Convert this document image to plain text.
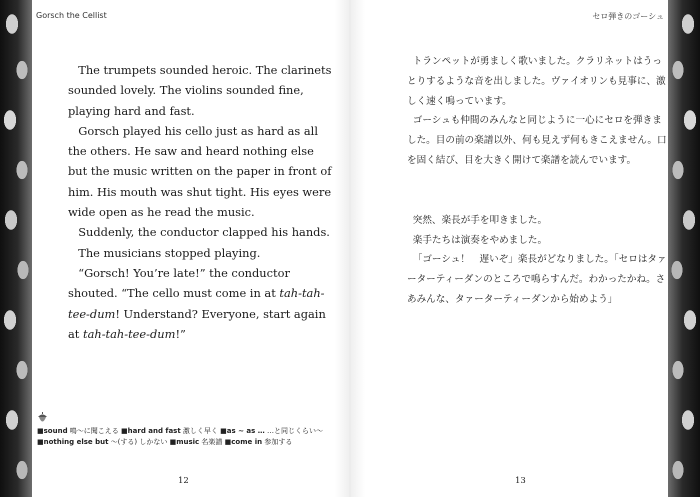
Gorsch the Cellist

The trumpets sounded heroic. The clarinets sounded lovely. The violins sounded fine, playing hard and fast.

Gorsch played his cello just as hard as all the others. He saw and heard nothing else but the music written on the paper in front of him. His mouth was shut tight. His eyes were wide open as he read the music.

Suddenly, the conductor clapped his hands.

The musicians stopped playing.

“Gorsch! You’re late!” the conductor shouted. “The cello must come in at tah-tah-tee-dum! Understand? Everyone, start again at tah-tah-tee-dum!”

■sound 鳴～に聞こえる ■hard and fast 激しく早く ■as ~ as … …と同じくらい～ ■nothing else but ～(する) しかない ■music 名楽譜 ■come in 参加する
12
セロ弾きのゴーシュ

トランペットが勇ましく歌いました。クラリネットはうっとりするような音を出しました。ヴァイオリンも見事に、激しく速く鳴っています。

ゴーシュも仲間のみんなと同じように一心にセロを弾きました。目の前の楽譜以外、何も見えず何もきこえません。口を固く結び、目を大きく開けて楽譜を読んでいます。

突然、楽長が手を叩きました。

楽手たちは演奏をやめました。

「ゴーシュ！　遅いぞ」楽長がどなりました。「セロはタァーターティーダンのところで鳴らすんだ。わかったかね。さあみんな、タァーターティーダンから始めよう」

13
